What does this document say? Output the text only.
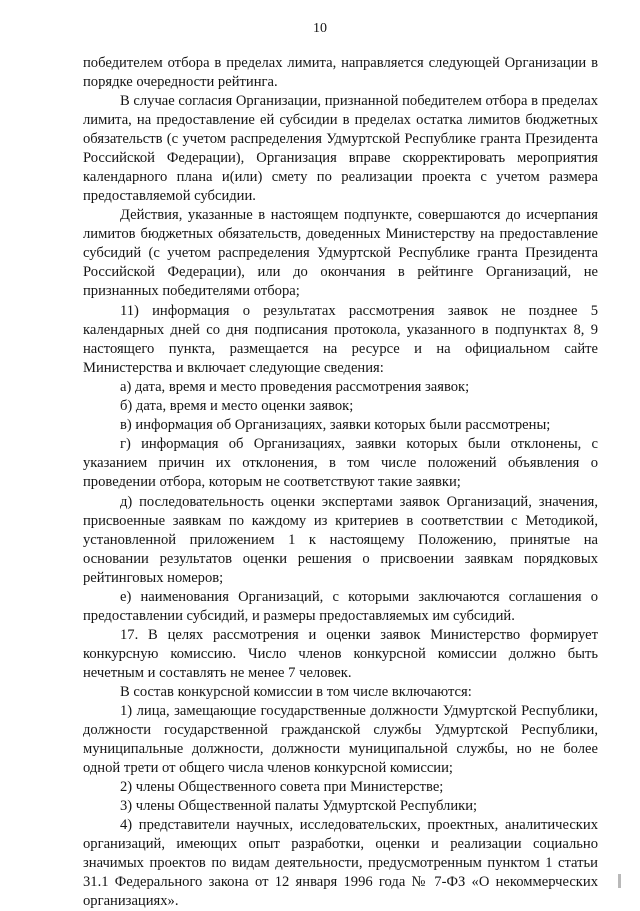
10

победителем отбора в пределах лимита, направляется следующей Организации в порядке очередности рейтинга.

В случае согласия Организации, признанной победителем отбора в пределах лимита, на предоставление ей субсидии в пределах остатка лимитов бюджетных обязательств (с учетом распределения Удмуртской Республике гранта Президента Российской Федерации), Организация вправе скорректировать мероприятия календарного плана и(или) смету по реализации проекта с учетом размера предоставляемой субсидии.

Действия, указанные в настоящем подпункте, совершаются до исчерпания лимитов бюджетных обязательств, доведенных Министерству на предоставление субсидий (с учетом распределения Удмуртской Республике гранта Президента Российской Федерации), или до окончания в рейтинге Организаций, не признанных победителями отбора;

11) информация о результатах рассмотрения заявок не позднее 5 календарных дней со дня подписания протокола, указанного в подпунктах 8, 9 настоящего пункта, размещается на ресурсе и на официальном сайте Министерства и включает следующие сведения:

а) дата, время и место проведения рассмотрения заявок;

б) дата, время и место оценки заявок;

в) информация об Организациях, заявки которых были рассмотрены;

г) информация об Организациях, заявки которых были отклонены, с указанием причин их отклонения, в том числе положений объявления о проведении отбора, которым не соответствуют такие заявки;

д) последовательность оценки экспертами заявок Организаций, значения, присвоенные заявкам по каждому из критериев в соответствии с Методикой, установленной приложением 1 к настоящему Положению, принятые на основании результатов оценки решения о присвоении заявкам порядковых рейтинговых номеров;

е) наименования Организаций, с которыми заключаются соглашения о предоставлении субсидий, и размеры предоставляемых им субсидий.

17. В целях рассмотрения и оценки заявок Министерство формирует конкурсную комиссию. Число членов конкурсной комиссии должно быть нечетным и составлять не менее 7 человек.

В состав конкурсной комиссии в том числе включаются:

1) лица, замещающие государственные должности Удмуртской Республики, должности государственной гражданской службы Удмуртской Республики, муниципальные должности, должности муниципальной службы, но не более одной трети от общего числа членов конкурсной комиссии;

2) члены Общественного совета при Министерстве;

3) члены Общественной палаты Удмуртской Республики;

4) представители научных, исследовательских, проектных, аналитических организаций, имеющих опыт разработки, оценки и реализации социально значимых проектов по видам деятельности, предусмотренным пунктом 1 статьи 31.1 Федерального закона от 12 января 1996 года № 7-ФЗ «О некоммерческих организациях».
